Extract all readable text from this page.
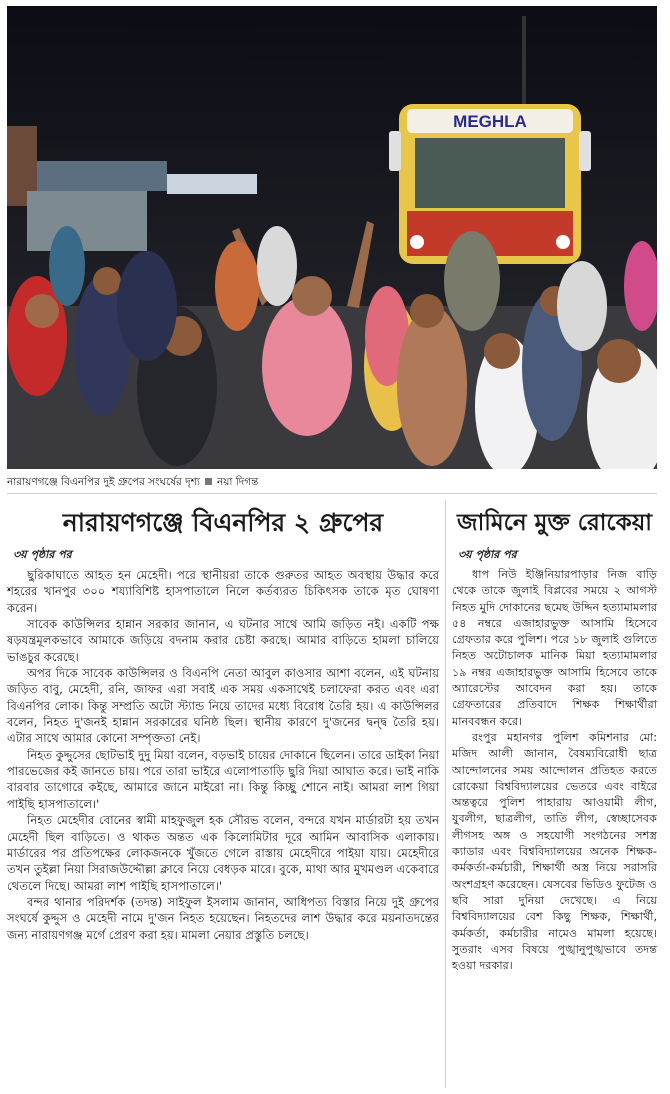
MEGHLA
নারায়ণগঞ্জে বিএনপির দুই গ্রুপের সংঘর্ষের দৃশ্য নয়া দিগন্ত
নারায়ণগঞ্জে বিএনপির ২ গ্রুপের
৩য় পৃষ্ঠার পর

ছুরিকাঘাতে আহত হন মেহেদী। পরে স্থানীয়রা তাকে গুরুতর আহত অবস্থায় উদ্ধার করে শহরের খানপুর ৩০০ শয্যাবিশিষ্ট হাসপাতালে নিলে কর্তব্যরত চিকিৎসক তাকে মৃত ঘোষণা করেন।

সাবেক কাউন্সিলর হান্নান সরকার জানান, এ ঘটনার সাথে আমি জড়িত নই। একটি পক্ষ ষড়যন্ত্রমূলকভাবে আমাকে জড়িয়ে বদনাম করার চেষ্টা করছে। আমার বাড়িতে হামলা চালিয়ে ভাঙচুর করেছে।

অপর দিকে সাবেক কাউন্সিলর ও বিএনপি নেতা আবুল কাওসার আশা বলেন, এই ঘটনায় জড়িত বাবু, মেহেদী, রনি, জাফর এরা সবাই এক সময় একসাথেই চলাফেরা করত এবং এরা বিএনপির লোক। কিন্তু সম্প্রতি অটো স্ট্যান্ড নিয়ে তাদের মধ্যে বিরোধ তৈরি হয়। এ কাউন্সিলর বলেন, নিহত দু'জনই হান্নান সরকারের ঘনিষ্ঠ ছিল। স্থানীয় কারণে দু'জনের দ্বন্দ্ব তৈরি হয়। এটার সাথে আমার কোনো সম্পৃক্ততা নেই।

নিহত কুদ্দুসের ছোটভাই দুদু মিয়া বলেন, বড়ভাই চায়ের দোকানে ছিলেন। তারে ডাইকা নিয়া পারভেজের কই জানতে চায়। পরে তারা ভাইরে এলোপাতাড়ি ছুরি দিয়া আঘাত করে। ভাই নাকি বারবার তাগোরে কইছে, আমারে জানে মাইরো না। কিন্তু কিচ্ছু শোনে নাই। আমরা লাশ গিয়া পাইছি হাসপাতালে।'

নিহত মেহেদীর বোনের স্বামী মাহফুজুল হক সৌরভ বলেন, বন্দরে যখন মার্ডারটা হয় তখন মেহেদী ছিল বাড়িতে। ও থাকত অন্তত এক কিলোমিটার দূরে আমিন আবাসিক এলাকায়। মার্ডারের পর প্রতিপক্ষের লোকজনকে খুঁজতে গেলে রাস্তায় মেহেদীরে পাইয়া যায়। মেহেদীরে তখন তুইল্লা নিয়া সিরাজউদ্দৌল্লা ক্লাবে নিয়ে বেধড়ক মারে। বুকে, মাথা আর মুখমণ্ডল একেবারে থেতলে দিছে। আমরা লাশ পাইছি হাসপাতালে।'

বন্দর থানার পরিদর্শক (তদন্ত) সাইফুল ইসলাম জানান, আধিপত্য বিস্তার নিয়ে দুই গ্রুপের সংঘর্ষে কুদ্দুস ও মেহেদী নামে দু'জন নিহত হয়েছেন। নিহতদের লাশ উদ্ধার করে ময়নাতদন্তের জন্য নারায়ণগঞ্জ মর্গে প্রেরণ করা হয়। মামলা নেয়ার প্রস্তুতি চলছে।

জামিনে মুক্ত রোকেয়া
৩য় পৃষ্ঠার পর

ধাপ নিউ ইঞ্জিনিয়ারপাড়ার নিজ বাড়ি থেকে তাকে জুলাই বিপ্লবের সময়ে ২ আগস্ট নিহত মুদি দোকানের ছমেছ উদ্দিন হত্যামামলার ৫৪ নম্বরে এজাহারভুক্ত আসামি হিসেবে গ্রেফতার করে পুলিশ। পরে ১৮ জুলাই গুলিতে নিহত অটোচালক মানিক মিয়া হত্যামামলার ১৯ নম্বর এজাহারভুক্ত আসামি হিসেবে তাকে অ্যারেস্টের আবেদন করা হয়। তাকে গ্রেফতারের প্রতিবাদে শিক্ষক শিক্ষার্থীরা মানববন্ধন করে।

রংপুর মহানগর পুলিশ কমিশনার মো: মজিদ আলী জানান, বৈষম্যবিরোধী ছাত্র আন্দোলনের সময় আন্দোলন প্রতিহত করতে রোকেয়া বিশ্ববিদ্যালয়ের ভেতরে এবং বাইরে অন্তত্বরে পুলিশ পাহারায় আওয়ামী লীগ, যুবলীগ, ছাত্রলীগ, তাতি লীগ, স্বেচ্ছাসেবক লীগসহ অঙ্গ ও সহযোগী সংগঠনের সশস্ত্র ক্যাডার এবং বিশ্ববিদ্যালয়ের অনেক শিক্ষক-কর্মকর্তা-কর্মচারী, শিক্ষার্থী অস্ত্র নিয়ে সরাসরি অংশগ্রহণ করেছেন। যেসবের ভিডিও ফুটেজ ও ছবি সারা দুনিয়া দেখেছে। এ নিয়ে বিশ্ববিদ্যালয়ের বেশ কিছু শিক্ষক, শিক্ষার্থী, কর্মকর্তা, কর্মচারীর নামেও মামলা হয়েছে। সুতরাং এসব বিষয়ে পুঙ্খানুপুঙ্খভাবে তদন্ত হওয়া দরকার।
